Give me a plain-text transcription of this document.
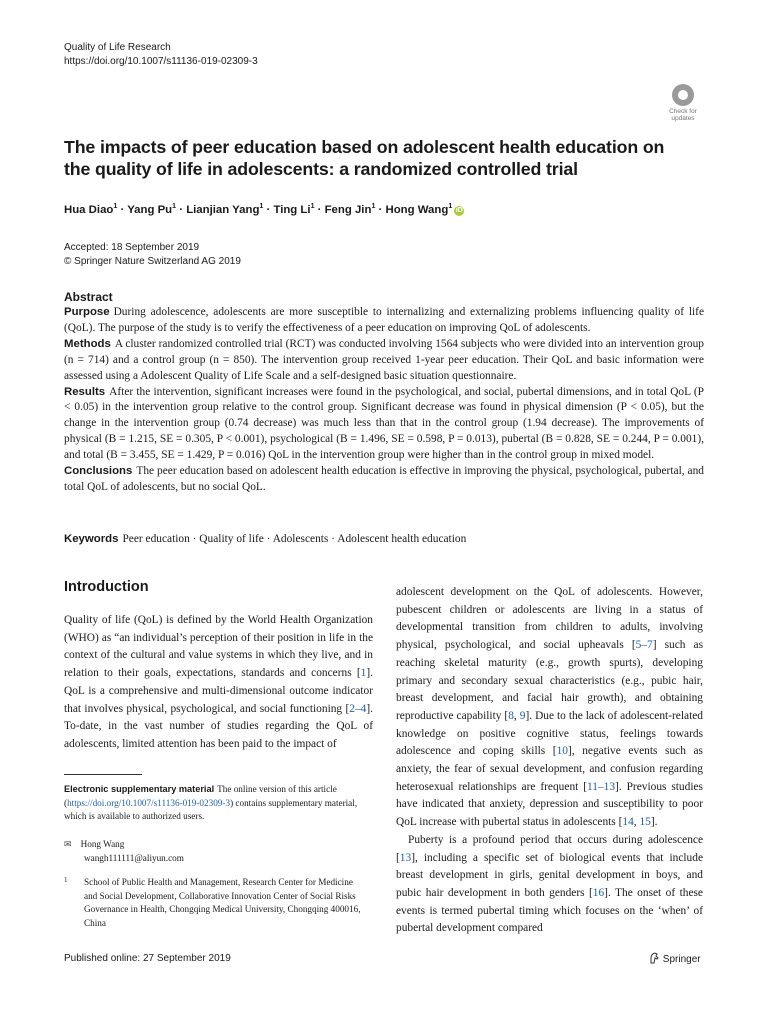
Quality of Life Research
https://doi.org/10.1007/s11136-019-02309-3
Check for
updates
The impacts of peer education based on adolescent health education on the quality of life in adolescents: a randomized controlled trial
Hua Diao$^1$ · Yang $Pu^1$ · Lianjian Yang$^1$ · Ting $Li^1$ · Feng Jin$^1$ · Hong Wang$^1$iD
Accepted: 18 September 2019
© Springer Nature Switzerland AG 2019
Abstract
Purpose During adolescence, adolescents are more susceptible to internalizing and externalizing problems influencing quality of life (QoL). The purpose of the study is to verify the effectiveness of a peer education on improving QoL of adolescents.
Methods A cluster randomized controlled trial (RCT) was conducted involving 1564 subjects who were divided into an intervention group (n = 714) and a control group (n = 850). The intervention group received 1-year peer education. Their QoL and basic information were assessed using a Adolescent Quality of Life Scale and a self-designed basic situation questionnaire.
Results After the intervention, significant increases were found in the psychological, and social, pubertal dimensions, and in total QoL (P < 0.05) in the intervention group relative to the control group. Significant decrease was found in physical dimension (P < 0.05), but the change in the intervention group (0.74 decrease) was much less than that in the control group (1.94 decrease). The improvements of physical (B = 1.215, SE = 0.305, P < 0.001), psychological (B = 1.496, SE = 0.598, P = 0.013), pubertal (B = 0.828, SE = 0.244, P = 0.001), and total (B = 3.455, SE = 1.429, P = 0.016) QoL in the intervention group were higher than in the control group in mixed model.
Conclusions The peer education based on adolescent health education is effective in improving the physical, psychological, pubertal, and total QoL of adolescents, but no social QoL.
Keywords Peer education · Quality of life · Adolescents · Adolescent health education
Introduction
Quality of life (QoL) is defined by the World Health Organization (WHO) as “an individual’s perception of their position in life in the context of the cultural and value systems in which they live, and in relation to their goals, expectations, standards and concerns [1]. QoL is a comprehensive and multi-dimensional outcome indicator that involves physical, psychological, and social functioning [2–4]. To-date, in the vast number of studies regarding the QoL of adolescents, limited attention has been paid to the impact of
adolescent development on the QoL of adolescents. However, pubescent children or adolescents are living in a status of developmental transition from children to adults, involving physical, psychological, and social upheavals [5–7] such as reaching skeletal maturity (e.g., growth spurts), developing primary and secondary sexual characteristics (e.g., pubic hair, breast development, and facial hair growth), and obtaining reproductive capability [8, 9]. Due to the lack of adolescent-related knowledge on positive cognitive status, feelings towards adolescence and coping skills [10], negative events such as anxiety, the fear of sexual development, and confusion regarding heterosexual relationships are frequent [11–13]. Previous studies have indicated that anxiety, depression and susceptibility to poor QoL increase with pubertal status in adolescents [14, 15].
Puberty is a profound period that occurs during adolescence [13], including a specific set of biological events that include breast development in girls, genital development in boys, and pubic hair development in both genders [16]. The onset of these events is termed pubertal timing which focuses on the ‘when’ of pubertal development compared
Electronic supplementary material The online version of this article (https://doi.org/10.1007/s11136-019-02309-3) contains supplementary material, which is available to authorized users.
✉ Hong Wang
wangh111111@aliyun.com
1 School of Public Health and Management, Research Center for Medicine and Social Development, Collaborative Innovation Center of Social Risks Governance in Health, Chongqing Medical University, Chongqing 400016, China
Published online: 27 September 2019	Springer
